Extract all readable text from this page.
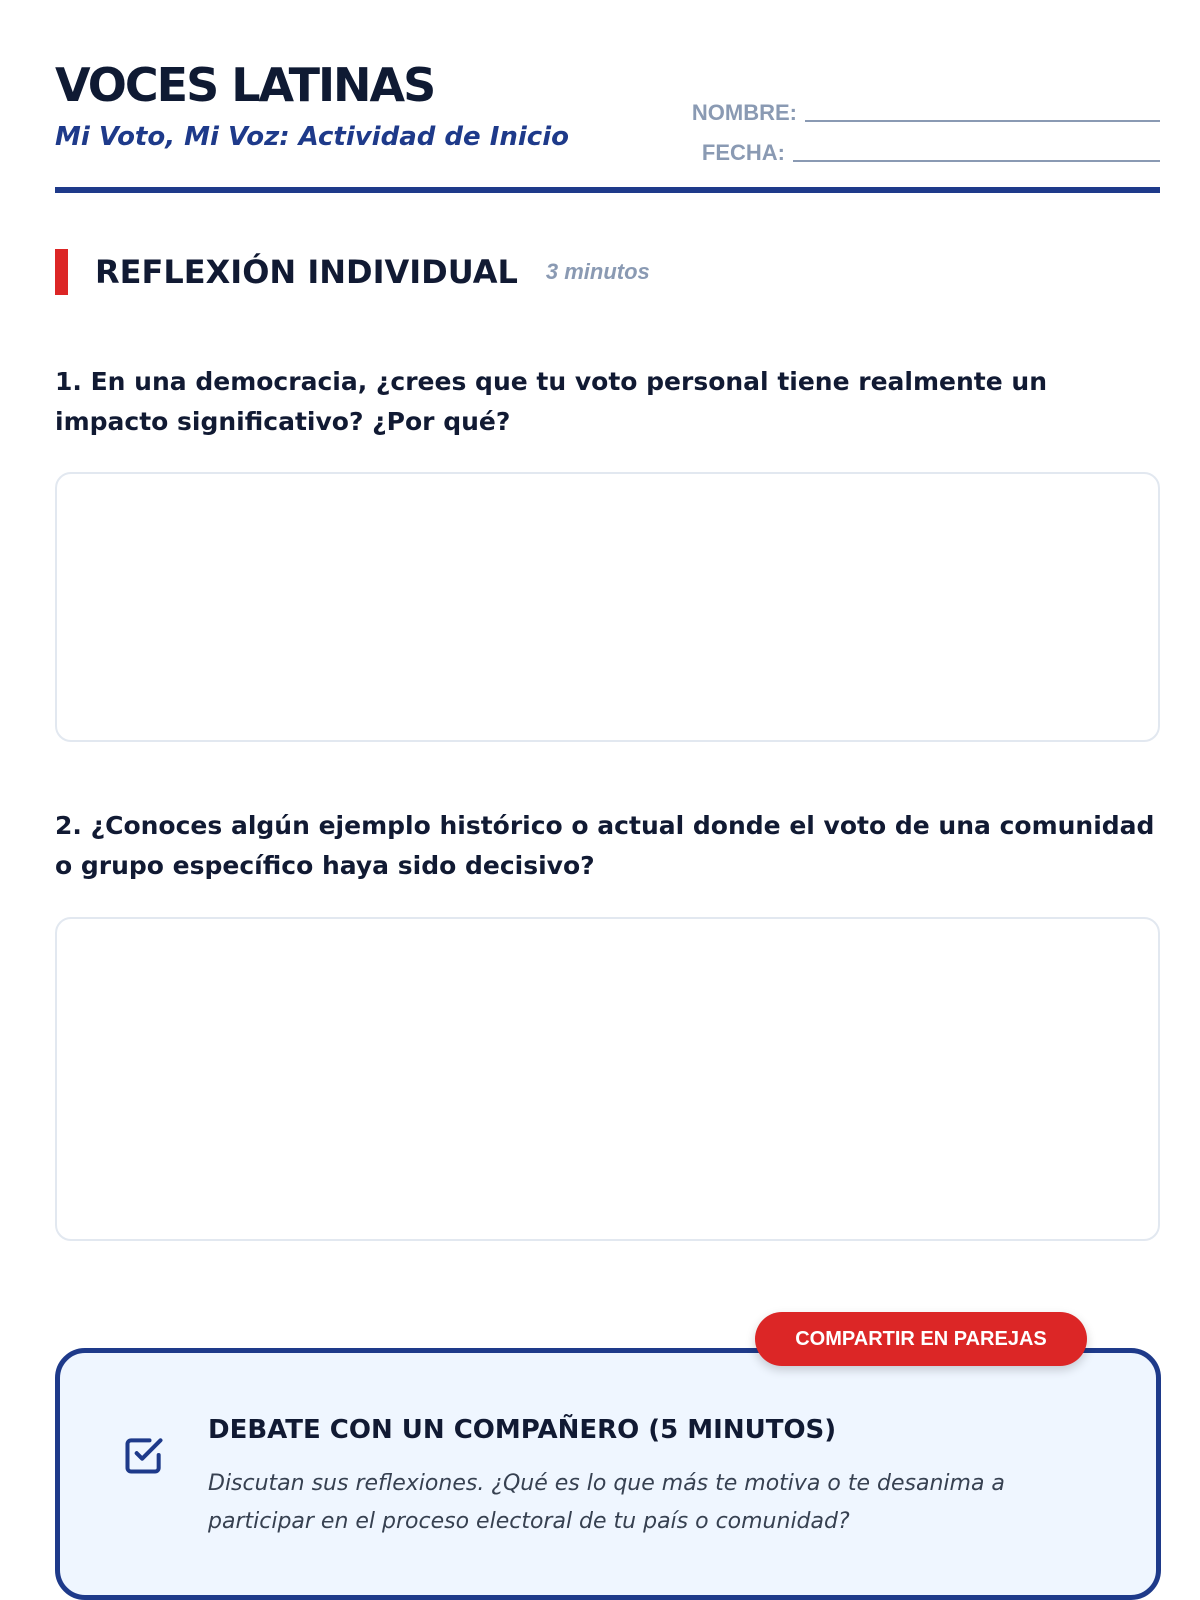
VOCES LATINAS
Mi Voto, Mi Voz: Actividad de Inicio
NOMBRE:
FECHA:
REFLEXIÓN INDIVIDUAL 3 minutos
1. En una democracia, ¿crees que tu voto personal tiene realmente un impacto significativo? ¿Por qué?
2. ¿Conoces algún ejemplo histórico o actual donde el voto de una comunidad o grupo específico haya sido decisivo?
DEBATE CON UN COMPAÑERO (5 MINUTOS)
Discutan sus reflexiones. ¿Qué es lo que más te motiva o te desanima a participar en el proceso electoral de tu país o comunidad?
COMPARTIR EN PAREJAS
